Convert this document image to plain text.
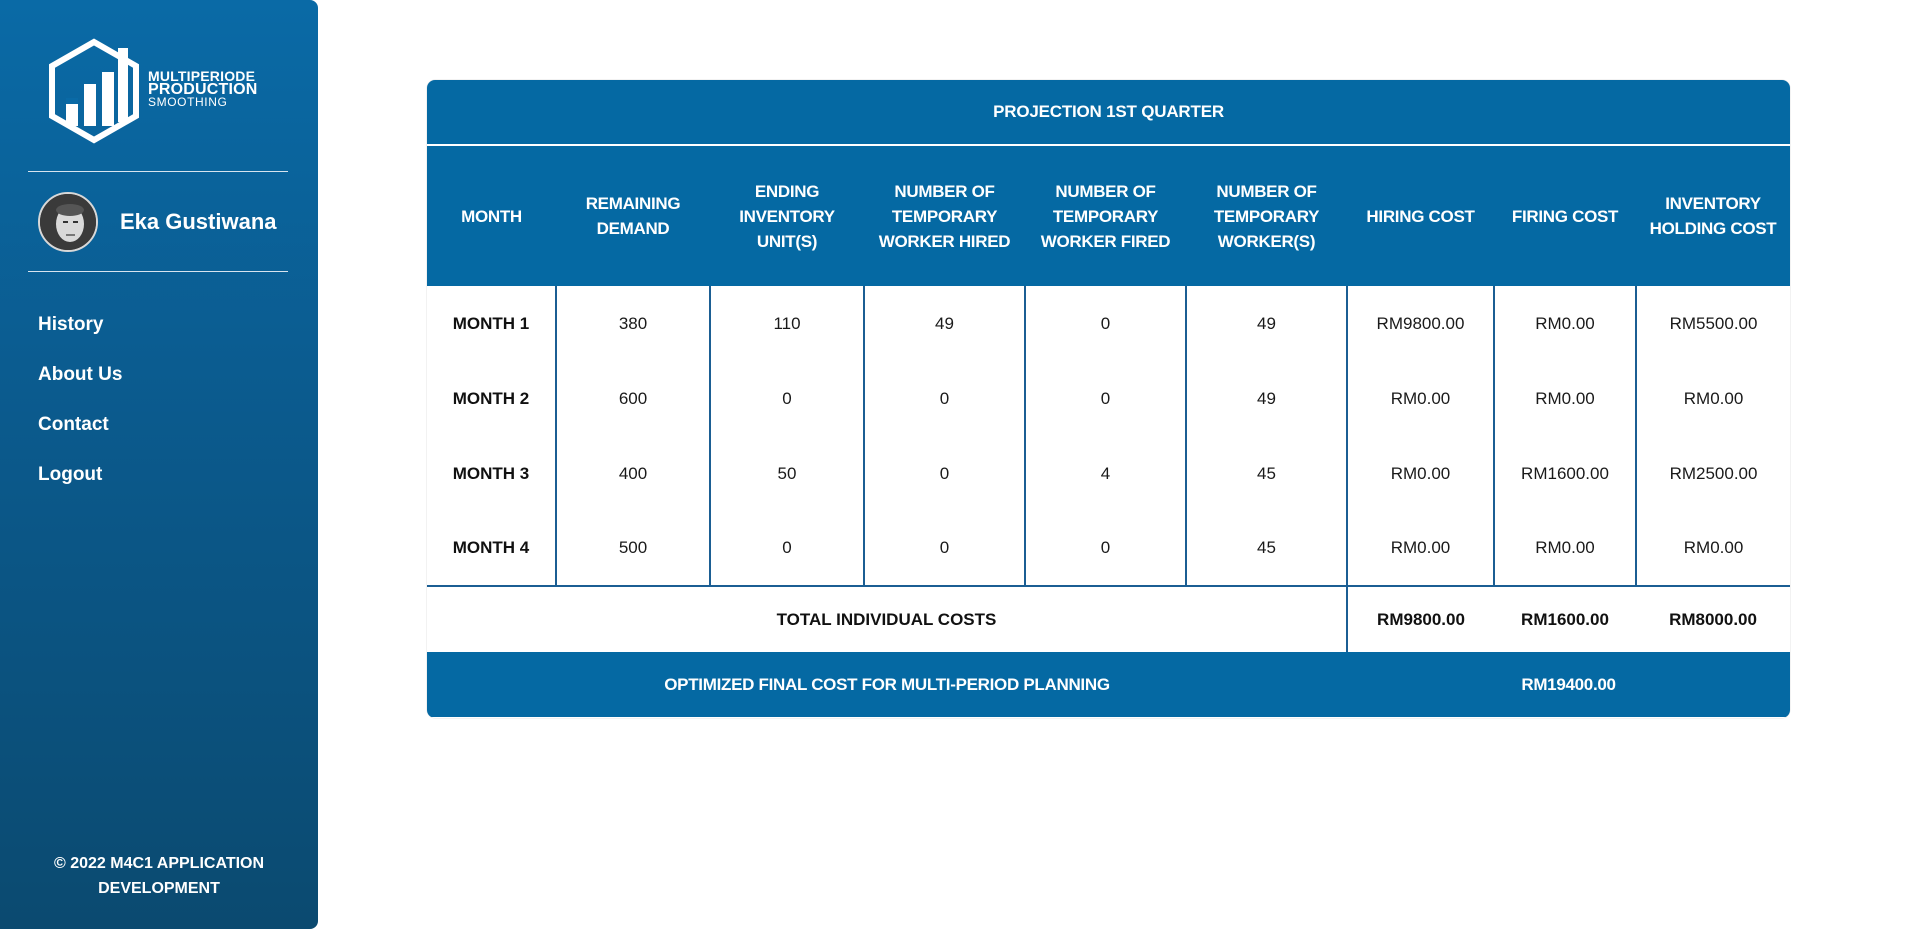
MULTIPERIODE
PRODUCTION
SMOOTHING
Eka Gustiwana
History
About Us
Contact
Logout
© 2022 M4C1 APPLICATION DEVELOPMENT
PROJECTION 1ST QUARTER								
MONTH	REMAINING DEMAND	ENDING INVENTORY UNIT(S)	NUMBER OF TEMPORARY WORKER HIRED	NUMBER OF TEMPORARY WORKER FIRED	NUMBER OF TEMPORARY WORKER(S)	HIRING COST	FIRING COST	INVENTORY HOLDING COST
MONTH 1	380	110	49	0	49	RM9800.00	RM0.00	RM5500.00
MONTH 2	600	0	0	0	49	RM0.00	RM0.00	RM0.00
MONTH 3	400	50	0	4	45	RM0.00	RM1600.00	RM2500.00
MONTH 4	500	0	0	0	45	RM0.00	RM0.00	RM0.00
TOTAL INDIVIDUAL COSTS						RM9800.00	RM1600.00	RM8000.00
OPTIMIZED FINAL COST FOR MULTI-PERIOD PLANNING						RM19400.00		
